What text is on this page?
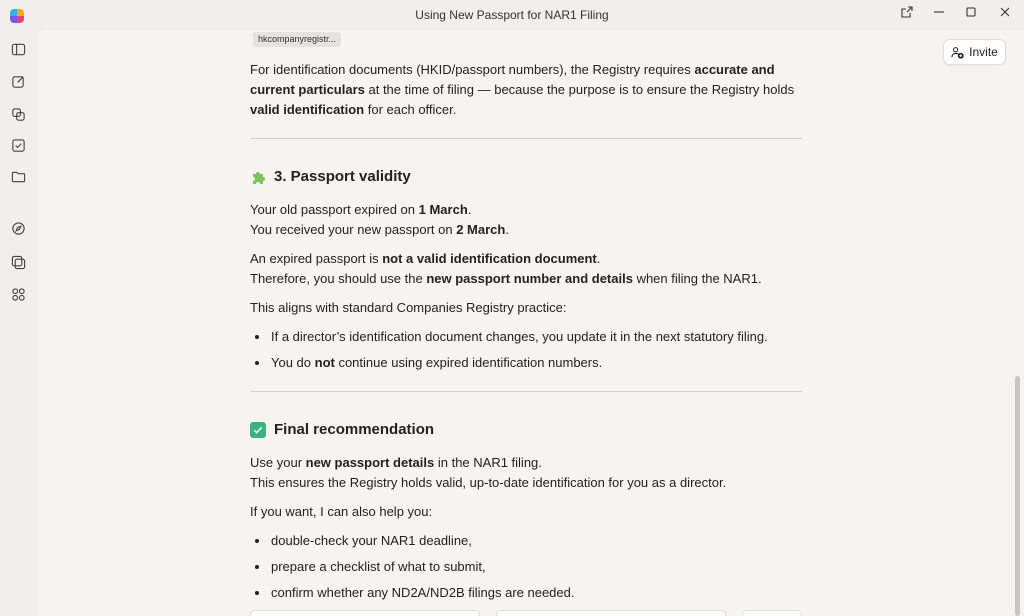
Using New Passport for NAR1 Filing
hkcompanyregistr...
Invite
For identification documents (HKID/passport numbers), the Registry requires accurate and
current particulars at the time of filing — because the purpose is to ensure the Registry holds
valid identification for each officer.
3. Passport validity
Your old passport expired on 1 March.
You received your new passport on 2 March.
An expired passport is not a valid identification document.
Therefore, you should use the new passport number and details when filing the NAR1.
This aligns with standard Companies Registry practice:
If a director’s identification document changes, you update it in the next statutory filing.
You do not continue using expired identification numbers.
Final recommendation
Use your new passport details in the NAR1 filing.
This ensures the Registry holds valid, up-to-date identification for you as a director.
If you want, I can also help you:
double-check your NAR1 deadline,
prepare a checklist of what to submit,
confirm whether any ND2A/ND2B filings are needed.
